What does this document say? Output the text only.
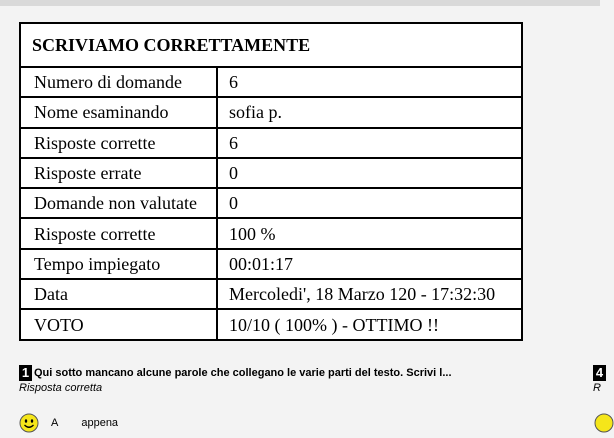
SCRIVIAMO CORRETTAMENTE	
Numero di domande	6
Nome esaminando	sofia p.
Risposte corrette	6
Risposte errate	0
Domande non valutate	0
Risposte corrette	100 %
Tempo impiegato	00:01:17
Data	Mercoledi', 18 Marzo 120 - 17:32:30
VOTO	10/10 ( 100% ) - OTTIMO !!
1 Qui sotto mancano alcune parole che collegano le varie parti del testo. Scrivi l...
Risposta corretta
A appena
4
R
